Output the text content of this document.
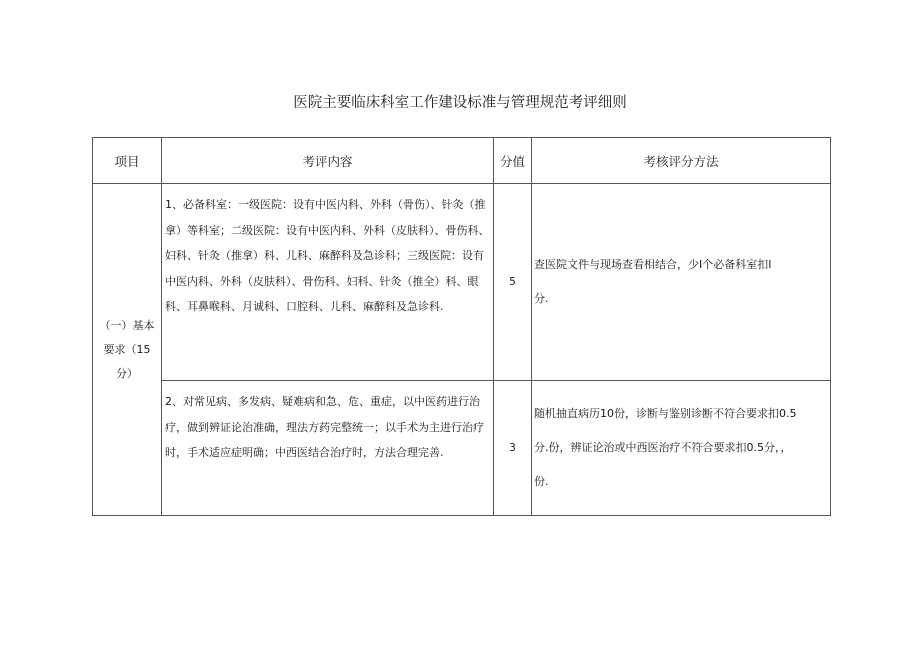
医院主要临床科室工作建设标准与管理规范考评细则
项目	考评内容	分值	考核评分方法

（一）基本
要求（15
分）	1、必备科室：一级医院：设有中医内科、外科（骨伤）、针灸（推拿）等科室；二级医院：设有中医内科、外科（皮肤科）、骨伤科、妇科、针灸（推拿）科、儿科、麻醉科及急诊科；三级医院：设有中医内科、外科（皮肤科）、骨伤科、妇科、针灸（推全）科、眼科、耳鼻喉科、月诚科、口腔科、儿科、麻醉科及急诊科.	5	查医院文件与现场查看相结合，少I个必备科室扣I
分.

	2、对常见病、多发病、疑难病和急、危、重症，以中医药进行治疗，做到辨证论治准确，理法方药完整统一；以手术为主进行治疗时，手术适应症明确；中西医结合治疗时，方法合理完善.	3	随机抽直病历10份，诊断与鉴别诊断不符合要求扣0.5
分.份，辨证论治或中西医治疗不符合要求扣0.5分，，
份.
